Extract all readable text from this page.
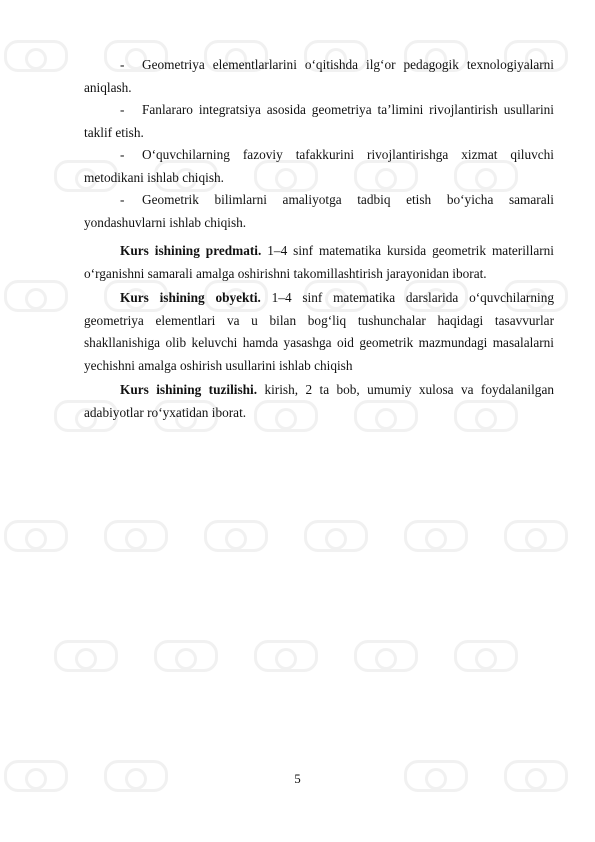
- Geometriya elementlarlarini o‘qitishda ilg‘or pedagogik texnologiyalarni aniqlash.

- Fanlararo integratsiya asosida geometriya ta’limini rivojlantirish usullarini taklif etish.

- O‘quvchilarning fazoviy tafakkurini rivojlantirishga xizmat qiluvchi metodikani ishlab chiqish.

- Geometrik bilimlarni amaliyotga tadbiq etish bo‘yicha samarali yondashuvlarni ishlab chiqish.

Kurs ishining predmati. 1–4 sinf matematika kursida geometrik materillarni o‘rganishni samarali amalga oshirishni takomillashtirish jarayonidan iborat.

Kurs ishining obyekti. 1–4 sinf matematika darslarida o‘quvchilarning geometriya elementlari va u bilan bog‘liq tushunchalar haqidagi tasavvurlar shakllanishiga olib keluvchi hamda yasashga oid geometrik mazmundagi masalalarni yechishni amalga oshirish usullarini ishlab chiqish

Kurs ishining tuzilishi. kirish, 2 ta bob, umumiy xulosa va foydalanilgan adabiyotlar ro‘yxatidan iborat.

5
